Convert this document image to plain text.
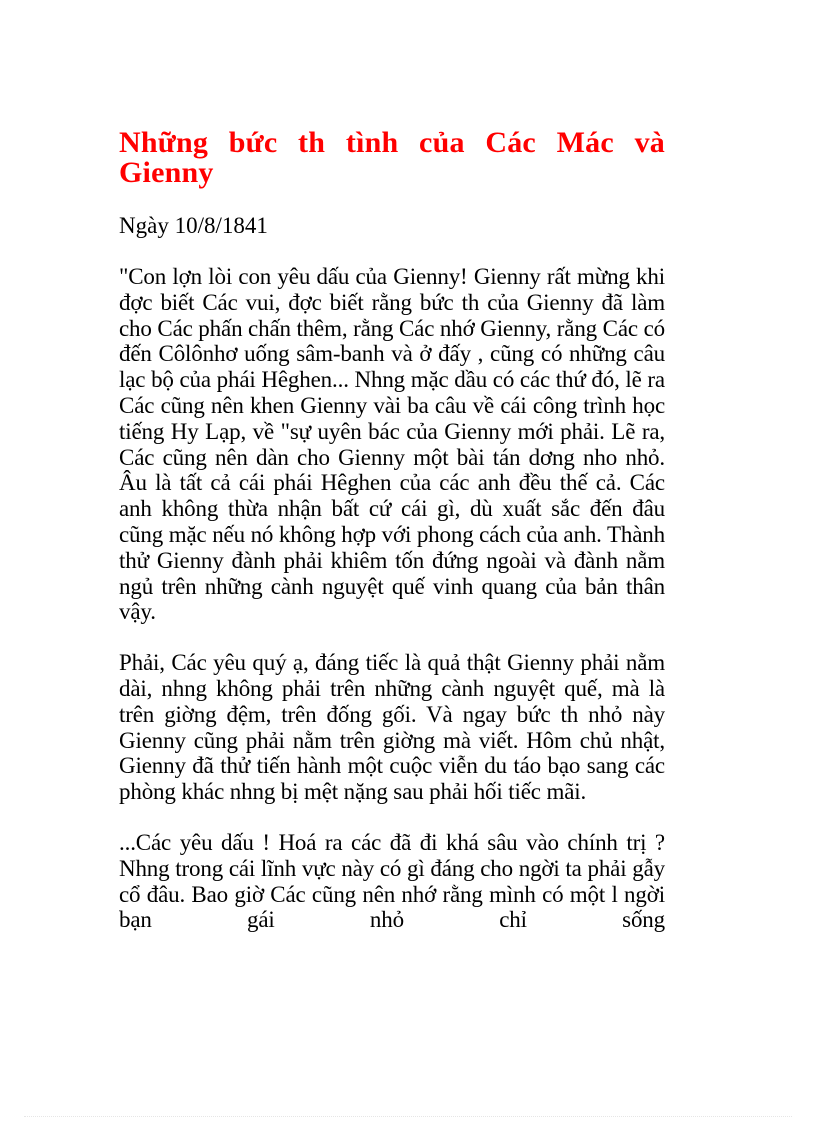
Những bức th tình của Các Mác và Gienny

Ngày 10/8/1841

"Con lợn lòi con yêu dấu của Gienny! Gienny rất mừng khi đợc biết Các vui, đợc biết rằng bức th của Gienny đã làm cho Các phấn chấn thêm, rằng Các nhớ Gienny, rằng Các có đến Côlônhơ uống sâm-banh và ở đấy , cũng có những câu lạc bộ của phái Hêghen... Nhng mặc dầu có các thứ đó, lẽ ra Các cũng nên khen Gienny vài ba câu về cái công trình học tiếng Hy Lạp, về "sự uyên bác của Gienny mới phải. Lẽ ra, Các cũng nên dàn cho Gienny một bài tán dơng nho nhỏ. Âu là tất cả cái phái Hêghen của các anh đều thế cả. Các anh không thừa nhận bất cứ cái gì, dù xuất sắc đến đâu cũng mặc nếu nó không hợp với phong cách của anh. Thành thử Gienny đành phải khiêm tốn đứng ngoài và đành nằm ngủ trên những cành nguyệt quế vinh quang của bản thân vậy.

Phải, Các yêu quý ạ, đáng tiếc là quả thật Gienny phải nằm dài, nhng không phải trên những cành nguyệt quế, mà là trên giờng đệm, trên đống gối. Và ngay bức th nhỏ này Gienny cũng phải nằm trên giờng mà viết. Hôm chủ nhật, Gienny đã thử tiến hành một cuộc viễn du táo bạo sang các phòng khác nhng bị mệt nặng sau phải hối tiếc mãi.

...Các yêu dấu ! Hoá ra các đã đi khá sâu vào chính trị ? Nhng trong cái lĩnh vực này có gì đáng cho ngời ta phải gẫy cổ đâu. Bao giờ Các cũng nên nhớ rằng mình có một l ngời bạn gái nhỏ chỉ sống
